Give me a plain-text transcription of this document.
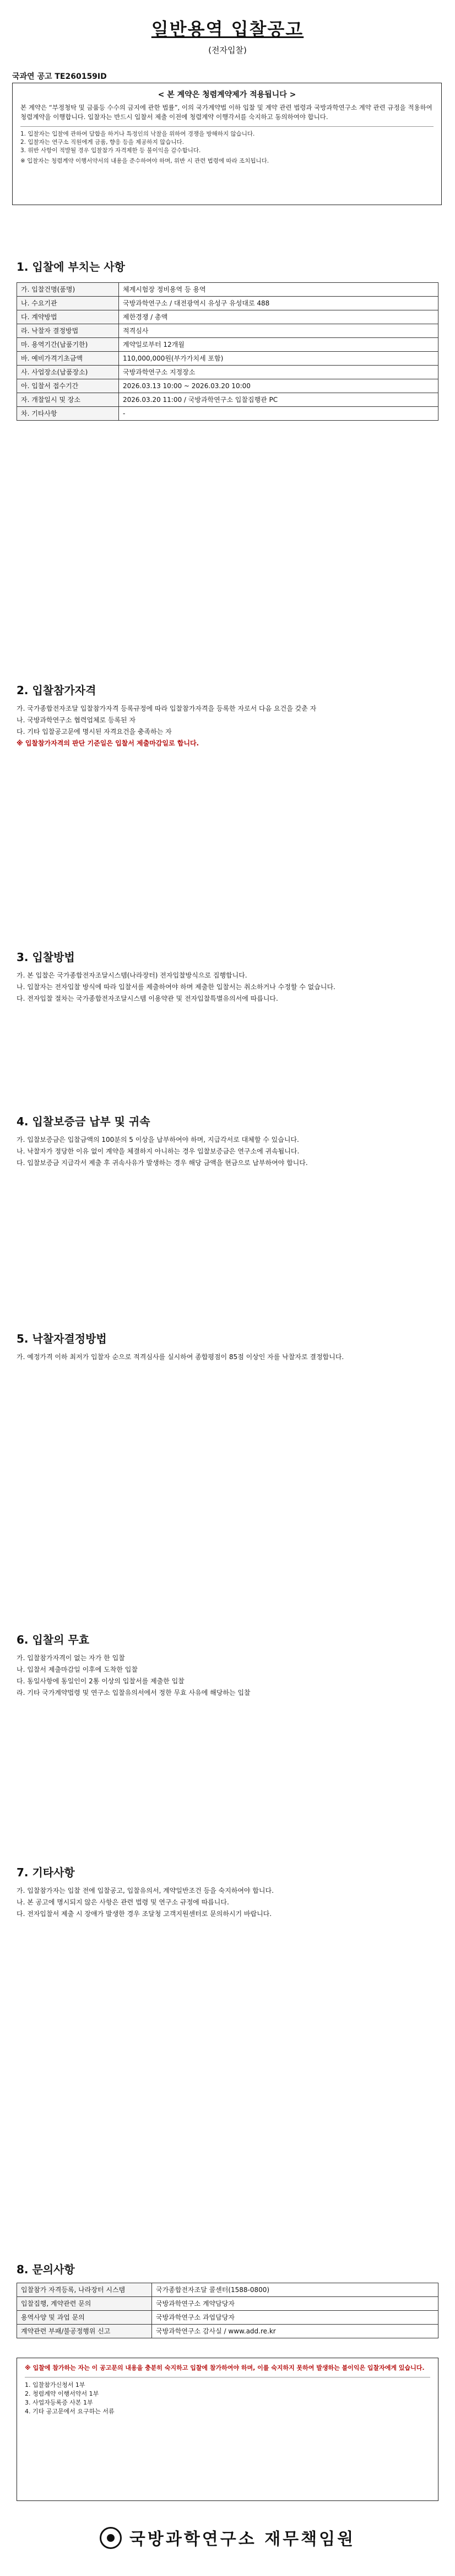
일반용역 입찰공고
(전자입찰)
국과연 공고 TE260159ID
< 본 계약은 청렴계약제가 적용됩니다 >
본 계약은 “부정청탁 및 금품등 수수의 금지에 관한 법률”, 이의 국가계약법 이하 입찰 및 계약 관련 법령과 국방과학연구소 계약 관련 규정을 적용하여 청렴계약을 이행합니다. 입찰자는 반드시 입찰서 제출 이전에 청렴계약 이행각서를 숙지하고 동의하여야 합니다.
1. 입찰자는 입찰에 관하여 담합을 하거나 특정인의 낙찰을 위하여 경쟁을 방해하지 않습니다.
2. 입찰자는 연구소 직원에게 금품, 향응 등을 제공하지 않습니다.
3. 위반 사항이 적발될 경우 입찰참가 자격제한 등 불이익을 감수합니다.
※ 입찰자는 청렴계약 이행서약서의 내용을 준수하여야 하며, 위반 시 관련 법령에 따라 조치됩니다.
1. 입찰에 부치는 사항
가. 입찰건명(품명)	체계시험장 정비용역 등 용역
나. 수요기관	국방과학연구소 / 대전광역시 유성구 유성대로 488
다. 계약방법	제한경쟁 / 총액
라. 낙찰자 결정방법	적격심사
마. 용역기간(납품기한)	계약일로부터 12개월
바. 예비가격기초금액	110,000,000원(부가가치세 포함)
사. 사업장소(납품장소)	국방과학연구소 지정장소
아. 입찰서 접수기간	2026.03.13 10:00 ~ 2026.03.20 10:00
자. 개찰일시 및 장소	2026.03.20 11:00 / 국방과학연구소 입찰집행관 PC
차. 기타사항	-
2. 입찰참가자격
가. 국가종합전자조달 입찰참가자격 등록규정에 따라 입찰참가자격을 등록한 자로서 다음 요건을 갖춘 자
나. 국방과학연구소 협력업체로 등록된 자
다. 기타 입찰공고문에 명시된 자격요건을 충족하는 자
※ 입찰참가자격의 판단 기준일은 입찰서 제출마감일로 합니다.
3. 입찰방법
가. 본 입찰은 국가종합전자조달시스템(나라장터) 전자입찰방식으로 집행합니다.
나. 입찰자는 전자입찰 방식에 따라 입찰서를 제출하여야 하며 제출한 입찰서는 취소하거나 수정할 수 없습니다.
다. 전자입찰 절차는 국가종합전자조달시스템 이용약관 및 전자입찰특별유의서에 따릅니다.
4. 입찰보증금 납부 및 귀속
가. 입찰보증금은 입찰금액의 100분의 5 이상을 납부하여야 하며, 지급각서로 대체할 수 있습니다.
나. 낙찰자가 정당한 이유 없이 계약을 체결하지 아니하는 경우 입찰보증금은 연구소에 귀속됩니다.
다. 입찰보증금 지급각서 제출 후 귀속사유가 발생하는 경우 해당 금액을 현금으로 납부하여야 합니다.
5. 낙찰자결정방법
가. 예정가격 이하 최저가 입찰자 순으로 적격심사를 실시하여 종합평점이 85점 이상인 자를 낙찰자로 결정합니다.
6. 입찰의 무효
가. 입찰참가자격이 없는 자가 한 입찰
나. 입찰서 제출마감일 이후에 도착한 입찰
다. 동일사항에 동일인이 2통 이상의 입찰서를 제출한 입찰
라. 기타 국가계약법령 및 연구소 입찰유의서에서 정한 무효 사유에 해당하는 입찰
7. 기타사항
가. 입찰참가자는 입찰 전에 입찰공고, 입찰유의서, 계약일반조건 등을 숙지하여야 합니다.
나. 본 공고에 명시되지 않은 사항은 관련 법령 및 연구소 규정에 따릅니다.
다. 전자입찰서 제출 시 장애가 발생한 경우 조달청 고객지원센터로 문의하시기 바랍니다.
8. 문의사항
입찰참가 자격등록, 나라장터 시스템	국가종합전자조달 콜센터(1588-0800)
입찰집행, 계약관련 문의	국방과학연구소 계약담당자
용역사양 및 과업 문의	국방과학연구소 과업담당자
계약관련 부패/불공정행위 신고	국방과학연구소 감사실 / www.add.re.kr
※ 입찰에 참가하는 자는 이 공고문의 내용을 충분히 숙지하고 입찰에 참가하여야 하며, 이를 숙지하지 못하여 발생하는 불이익은 입찰자에게 있습니다.
1. 입찰참가신청서 1부
2. 청렴계약 이행서약서 1부
3. 사업자등록증 사본 1부
4. 기타 공고문에서 요구하는 서류
국방과학연구소 재무책임원
